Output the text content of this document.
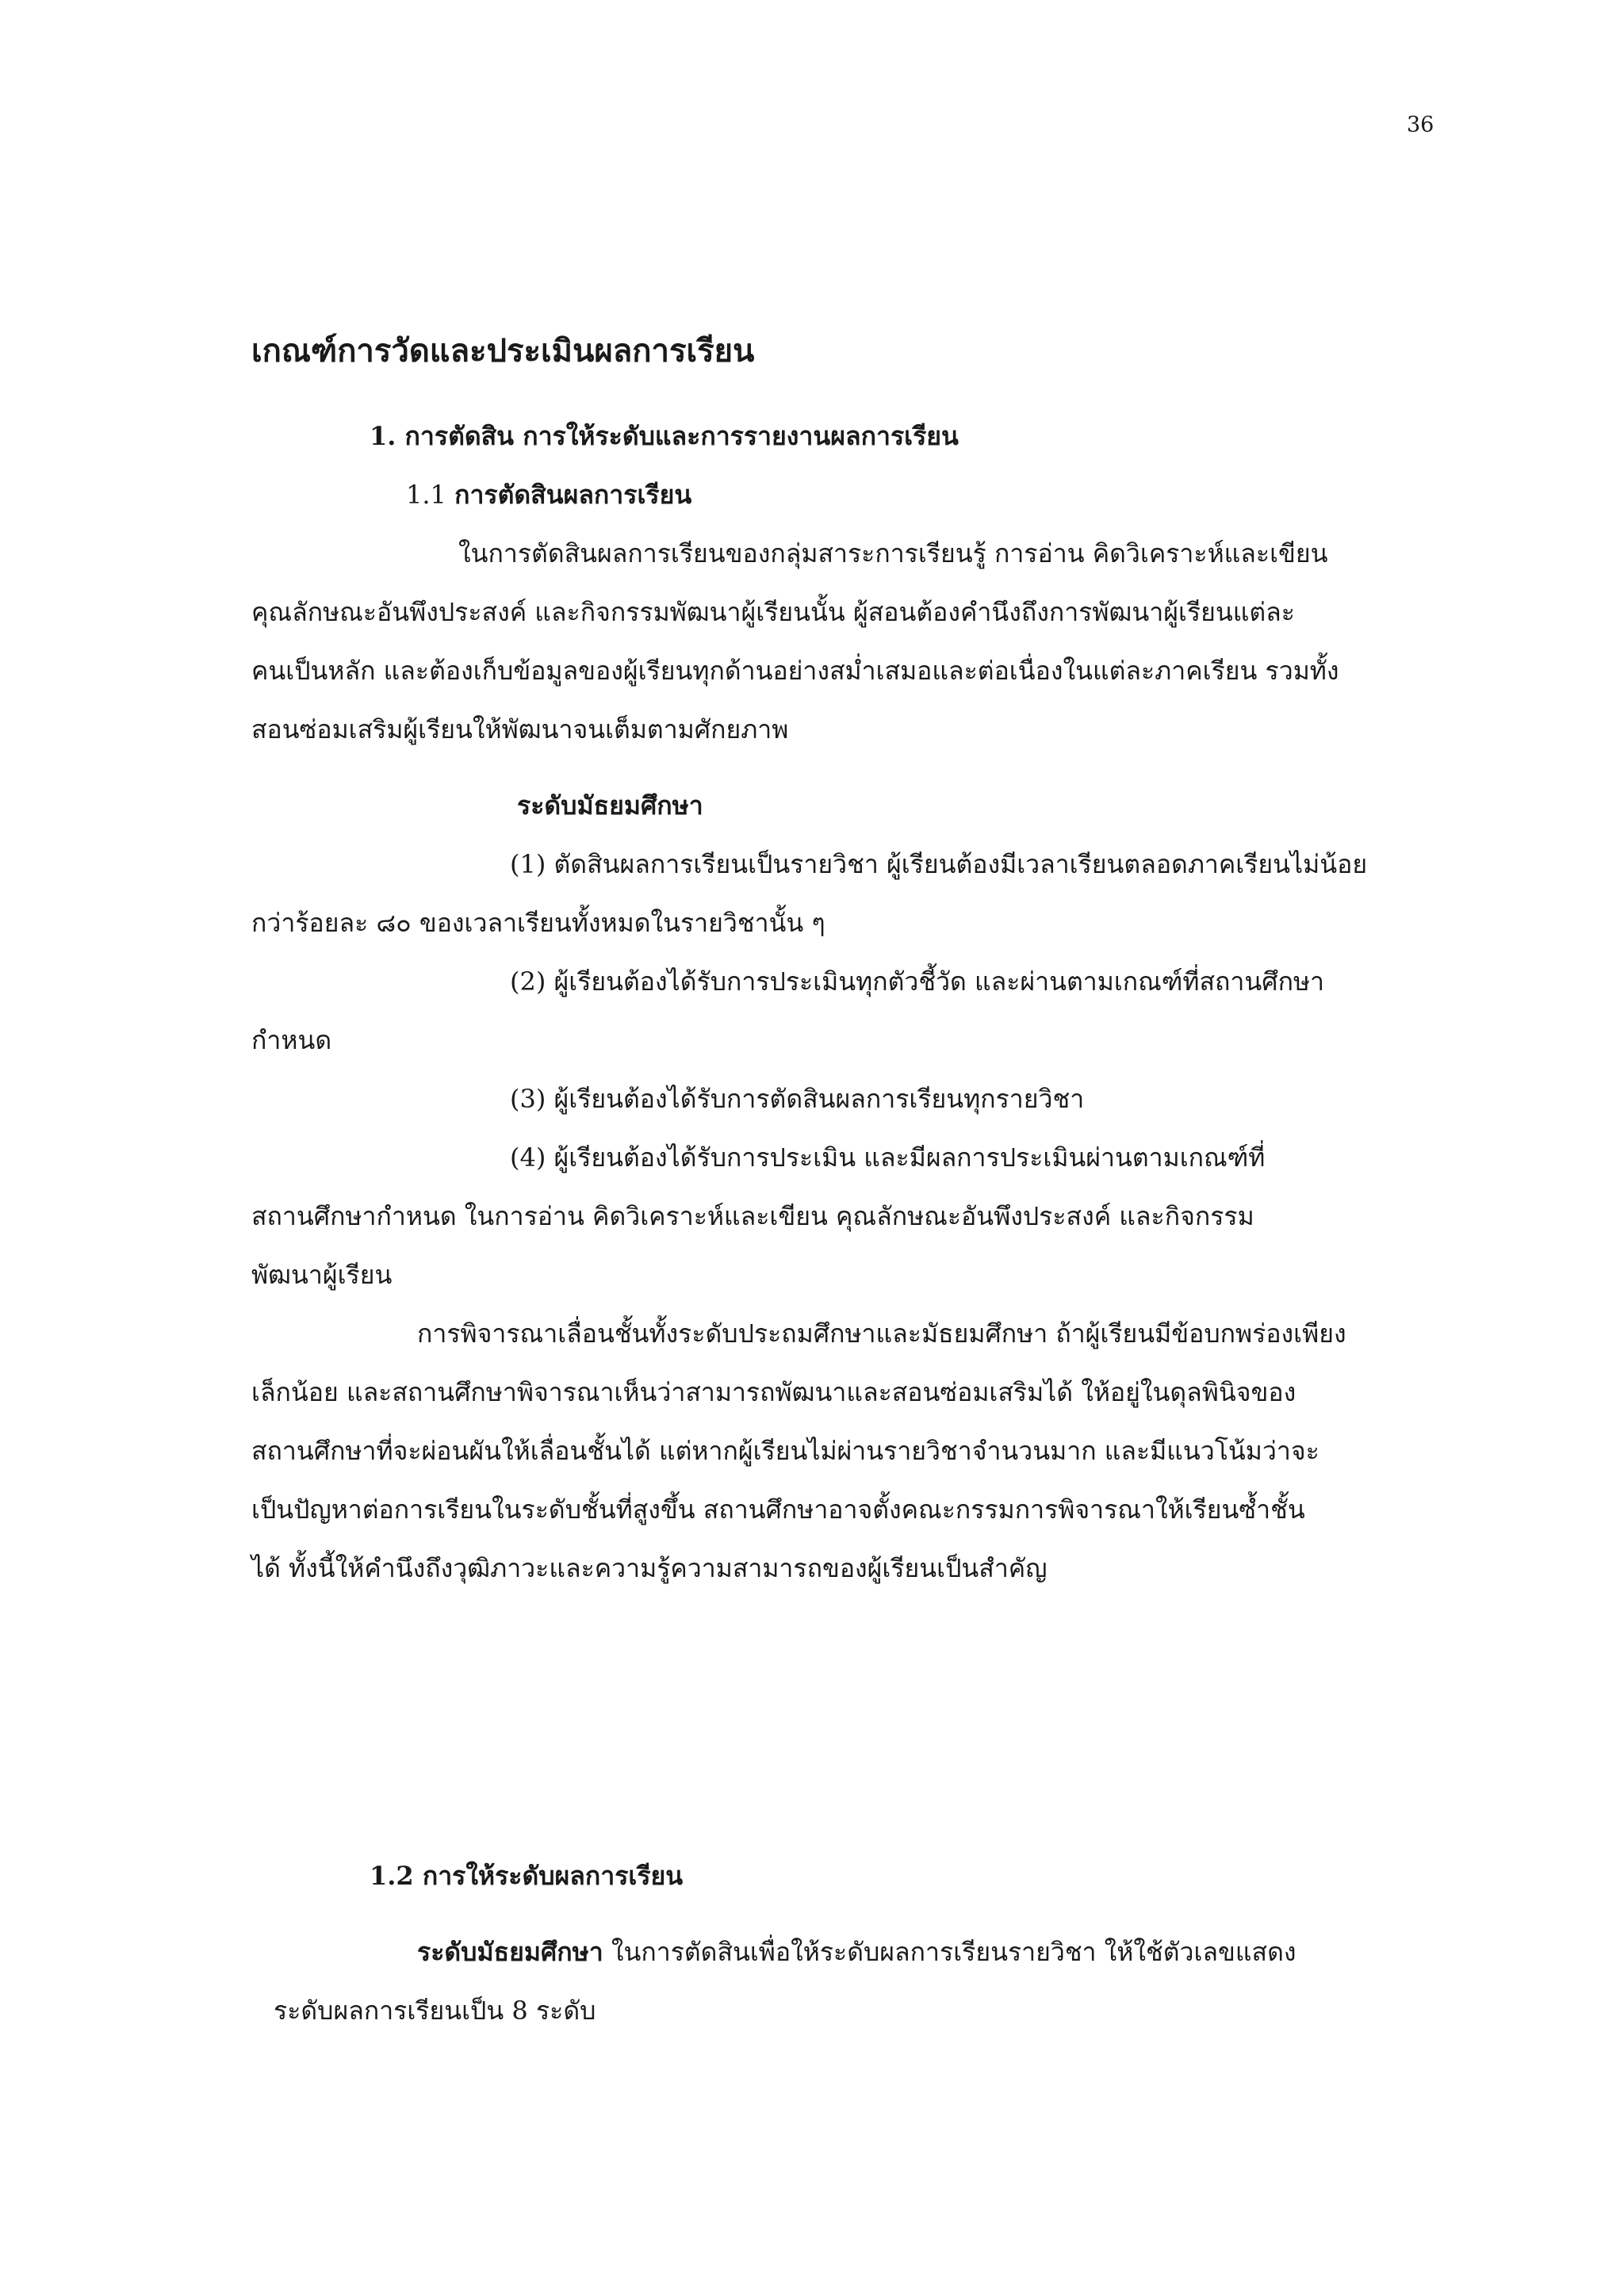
36
เกณฑ์การวัดและประเมินผลการเรียน
1. การตัดสิน การให้ระดับและการรายงานผลการเรียน
1.1 การตัดสินผลการเรียน
ในการตัดสินผลการเรียนของกลุ่มสาระการเรียนรู้ การอ่าน คิดวิเคราะห์และเขียน
คุณลักษณะอันพึงประสงค์ และกิจกรรมพัฒนาผู้เรียนนั้น ผู้สอนต้องคำนึงถึงการพัฒนาผู้เรียนแต่ละ
คนเป็นหลัก และต้องเก็บข้อมูลของผู้เรียนทุกด้านอย่างสม่ำเสมอและต่อเนื่องในแต่ละภาคเรียน รวมทั้ง
สอนซ่อมเสริมผู้เรียนให้พัฒนาจนเต็มตามศักยภาพ
ระดับมัธยมศึกษา
(1) ตัดสินผลการเรียนเป็นรายวิชา ผู้เรียนต้องมีเวลาเรียนตลอดภาคเรียนไม่น้อย
กว่าร้อยละ ๘๐ ของเวลาเรียนทั้งหมดในรายวิชานั้น ๆ
(2) ผู้เรียนต้องได้รับการประเมินทุกตัวชี้วัด และผ่านตามเกณฑ์ที่สถานศึกษา
กำหนด
(3) ผู้เรียนต้องได้รับการตัดสินผลการเรียนทุกรายวิชา
(4) ผู้เรียนต้องได้รับการประเมิน และมีผลการประเมินผ่านตามเกณฑ์ที่
สถานศึกษากำหนด ในการอ่าน คิดวิเคราะห์และเขียน คุณลักษณะอันพึงประสงค์ และกิจกรรม
พัฒนาผู้เรียน
การพิจารณาเลื่อนชั้นทั้งระดับประถมศึกษาและมัธยมศึกษา ถ้าผู้เรียนมีข้อบกพร่องเพียง
เล็กน้อย และสถานศึกษาพิจารณาเห็นว่าสามารถพัฒนาและสอนซ่อมเสริมได้ ให้อยู่ในดุลพินิจของ
สถานศึกษาที่จะผ่อนผันให้เลื่อนชั้นได้ แต่หากผู้เรียนไม่ผ่านรายวิชาจำนวนมาก และมีแนวโน้มว่าจะ
เป็นปัญหาต่อการเรียนในระดับชั้นที่สูงขึ้น สถานศึกษาอาจตั้งคณะกรรมการพิจารณาให้เรียนซ้ำชั้น
ได้ ทั้งนี้ให้คำนึงถึงวุฒิภาวะและความรู้ความสามารถของผู้เรียนเป็นสำคัญ
1.2 การให้ระดับผลการเรียน
ระดับมัธยมศึกษา ในการตัดสินเพื่อให้ระดับผลการเรียนรายวิชา ให้ใช้ตัวเลขแสดง
ระดับผลการเรียนเป็น 8 ระดับ
